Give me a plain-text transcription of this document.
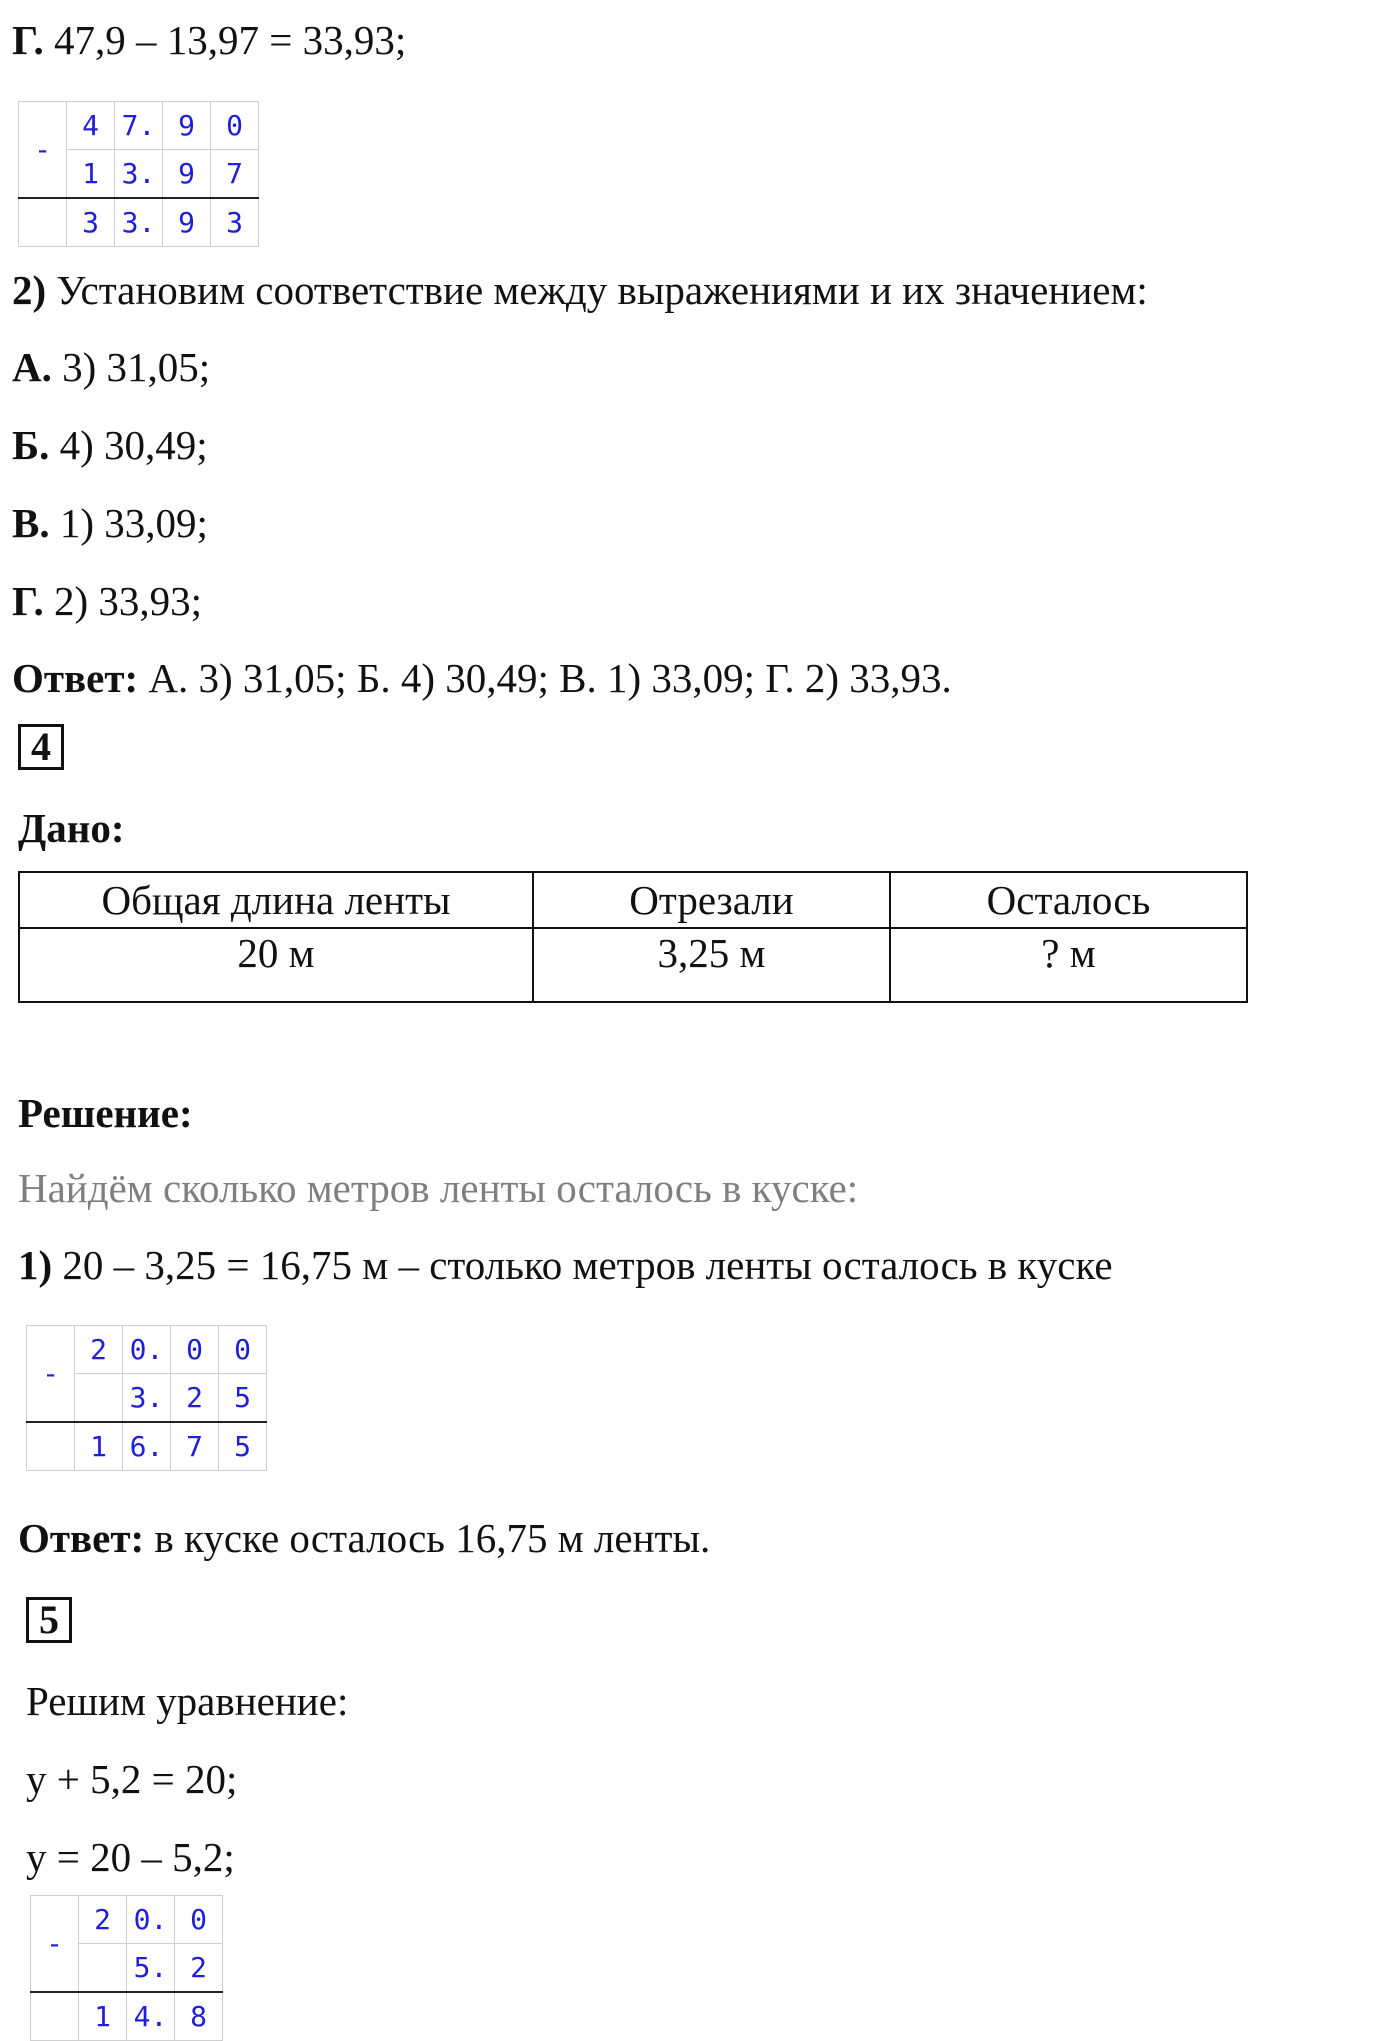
Г. 47,9 – 13,97 = 33,93;
-	4	7.	9	0
	1	3.	9	7
	3	3.	9	3
2) Установим соответствие между выражениями и их значением:
А. 3) 31,05;
Б. 4) 30,49;
В. 1) 33,09;
Г. 2) 33,93;
Ответ: А. 3) 31,05; Б. 4) 30,49; В. 1) 33,09; Г. 2) 33,93.
4
Дано:
Общая длина ленты	Отрезали	Осталось
20 м	3,25 м	? м
Решение:
Найдём сколько метров ленты осталось в куске:
1) 20 – 3,25 = 16,75 м – столько метров ленты осталось в куске
-	2	0.	0	0
		3.	2	5
	1	6.	7	5
Ответ: в куске осталось 16,75 м ленты.
5
Решим уравнение:
y + 5,2 = 20;
y = 20 – 5,2;
-	2	0.	0
		5.	2
	1	4.	8
